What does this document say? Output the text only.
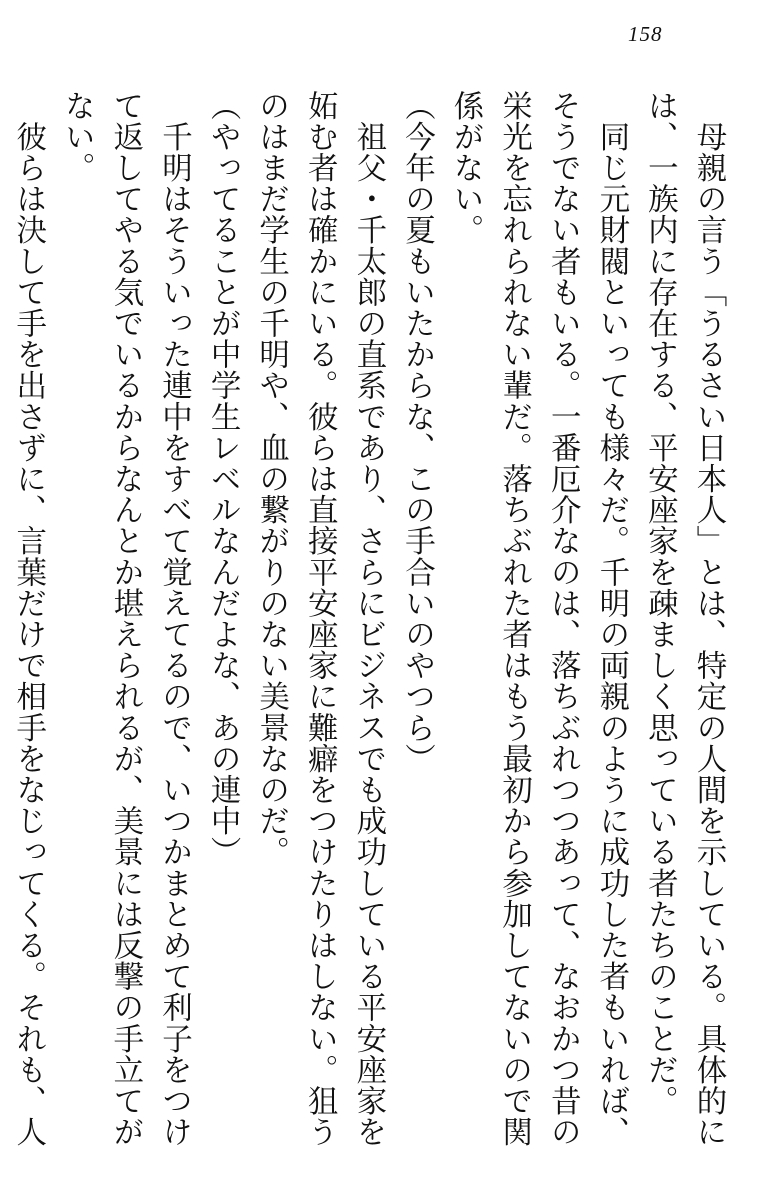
158

　母親の言う「うるさい日本人」とは、特定の人間を示している。具体的には、一族内に存在する、平安座家を疎ましく思っている者たちのことだ。

　同じ元財閥といっても様々だ。千明の両親のように成功した者もいれば、そうでない者もいる。一番厄介なのは、落ちぶれつつあって、なおかつ昔の栄光を忘れられない輩だ。落ちぶれた者はもう最初から参加してないので関係がない。

（今年の夏もいたからな、この手合いのやつら）

　祖父・千太郎の直系であり、さらにビジネスでも成功している平安座家を妬む者は確かにいる。彼らは直接平安座家に難癖をつけたりはしない。狙うのはまだ学生の千明や、血の繋がりのない美景なのだ。

（やってることが中学生レベルなんだよな、あの連中）

　千明はそういった連中をすべて覚えてるので、いつかまとめて利子をつけて返してやる気でいるからなんとか堪えられるが、美景には反撃の手立てがない。

　彼らは決して手を出さずに、言葉だけで相手をなじってくる。それも、人
